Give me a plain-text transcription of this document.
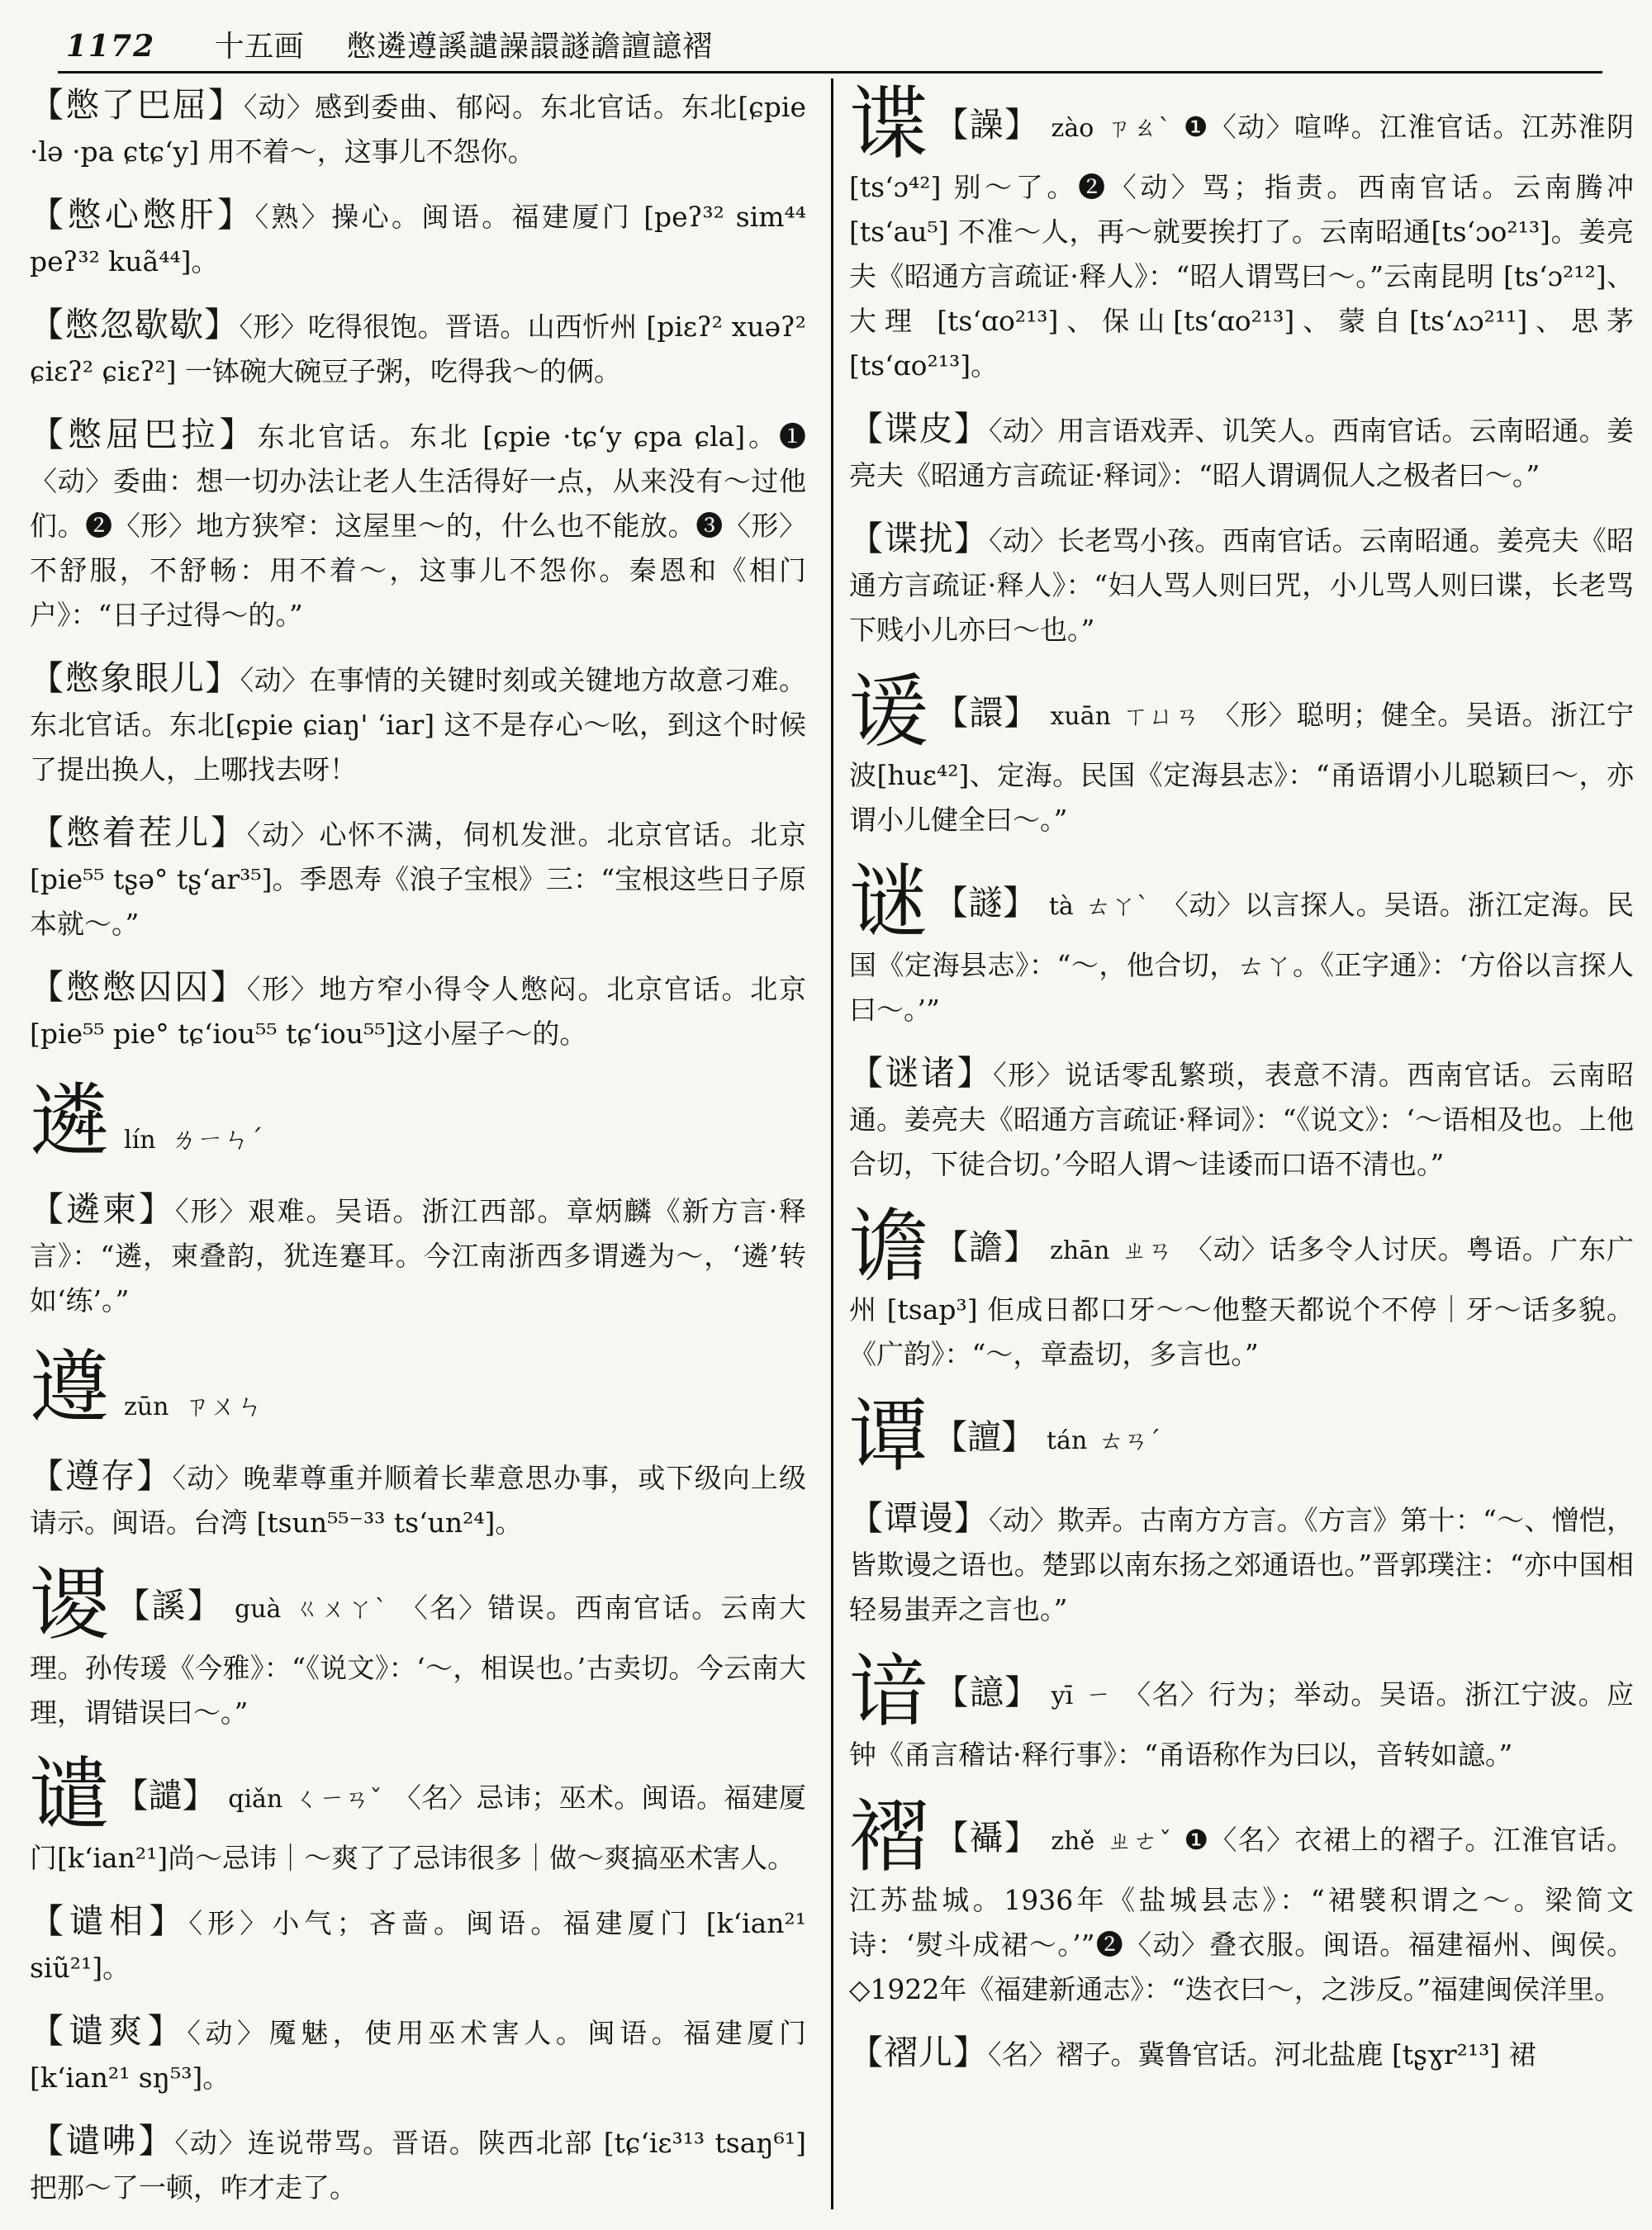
1172 十五画 憋遴遵謑譴譟譞譢譫譠譩褶
【憋了巴屈】〈动〉感到委曲、郁闷。东北官话。东北[ɕpie ·lə ·pa ɕtɕ‘y] 用不着～，这事儿不怨你。
【憋心憋肝】〈熟〉操心。闽语。福建厦门 [peʔ³² sim⁴⁴ peʔ³² kuã⁴⁴]。
【憋忽歇歇】〈形〉吃得很饱。晋语。山西忻州 [piɛʔ² xuəʔ² ɕiɛʔ² ɕiɛʔ²] 一钵碗大碗豆子粥，吃得我～的俩。
【憋屈巴拉】东北官话。东北 [ɕpie ·tɕ‘y ɕpa ɕla]。❶〈动〉委曲：想一切办法让老人生活得好一点，从来没有～过他们。❷〈形〉地方狭窄：这屋里～的，什么也不能放。❸〈形〉不舒服，不舒畅：用不着～，这事儿不怨你。秦恩和《相门户》：“日子过得～的。”
【憋象眼儿】〈动〉在事情的关键时刻或关键地方故意刁难。东北官话。东北[ɕpie ɕiaŋ' ‘iar] 这不是存心～吆，到这个时候了提出换人，上哪找去呀！
【憋着茬儿】〈动〉心怀不满，伺机发泄。北京官话。北京[pie⁵⁵ tʂə° tʂ‘ar³⁵]。季恩寿《浪子宝根》三：“宝根这些日子原本就～。”
【憋憋囚囚】〈形〉地方窄小得令人憋闷。北京官话。北京[pie⁵⁵ pie° tɕ‘iou⁵⁵ tɕ‘iou⁵⁵]这小屋子～的。
遴lín ㄌㄧㄣˊ
【遴柬】〈形〉艰难。吴语。浙江西部。章炳麟《新方言·释言》：“遴，柬叠韵，犹连蹇耳。今江南浙西多谓遴为～，‘遴’转如‘练’。”
遵zūn ㄗㄨㄣ
【遵存】〈动〉晚辈尊重并顺着长辈意思办事，或下级向上级请示。闽语。台湾 [tsun⁵⁵⁻³³ ts‘un²⁴]。
谡 【謑】 guà ㄍㄨㄚˋ 〈名〉错误。西南官话。云南大理。孙传瑗《今雅》：“《说文》：‘～，相误也。’古卖切。今云南大理，谓错误曰～。”
谴 【譴】 qiǎn ㄑㄧㄢˇ 〈名〉忌讳；巫术。闽语。福建厦门[k‘ian²¹]尚～忌讳｜～爽了了忌讳很多｜做～爽搞巫术害人。
【谴相】〈形〉小气；吝啬。闽语。福建厦门 [k‘ian²¹ siũ²¹]。
【谴爽】〈动〉魇魅，使用巫术害人。闽语。福建厦门 [k‘ian²¹ sŋ⁵³]。
【谴咈】〈动〉连说带骂。晋语。陕西北部 [tɕ‘iɛ³¹³ tsaŋ⁶¹] 把那～了一顿，咋才走了。
谍 【譟】 zào ㄗㄠˋ ❶〈动〉喧哗。江淮官话。江苏淮阴[ts‘ɔ⁴²] 别～了。❷〈动〉骂；指责。西南官话。云南腾冲[ts‘au⁵] 不准～人，再～就要挨打了。云南昭通[ts‘ɔo²¹³]。姜亮夫《昭通方言疏证·释人》：“昭人谓骂曰～。”云南昆明 [ts‘ɔ²¹²]、大理 [ts‘ɑo²¹³]、保山[ts‘ɑo²¹³]、蒙自[ts‘ʌɔ²¹¹]、思茅 [ts‘ɑo²¹³]。
【谍皮】〈动〉用言语戏弄、讥笑人。西南官话。云南昭通。姜亮夫《昭通方言疏证·释词》：“昭人谓调侃人之极者曰～。”
【谍扰】〈动〉长老骂小孩。西南官话。云南昭通。姜亮夫《昭通方言疏证·释人》：“妇人骂人则曰咒，小儿骂人则曰谍，长老骂下贱小儿亦曰～也。”
谖 【譞】 xuān ㄒㄩㄢ 〈形〉聪明；健全。吴语。浙江宁波[huɛ⁴²]、定海。民国《定海县志》：“甬语谓小儿聪颖曰～，亦谓小儿健全曰～。”
谜 【譢】 tà ㄊㄚˋ 〈动〉以言探人。吴语。浙江定海。民国《定海县志》：“～，他合切，ㄊㄚ。《正字通》：‘方俗以言探人曰～。’”
【谜诸】〈形〉说话零乱繁琐，表意不清。西南官话。云南昭通。姜亮夫《昭通方言疏证·释词》：“《说文》：‘～语相及也。上他合切，下徒合切。’今昭人谓～诖诿而口语不清也。”
谵 【譫】 zhān ㄓㄢ 〈动〉话多令人讨厌。粤语。广东广州 [tsap³] 佢成日都口牙～～他整天都说个不停｜牙～话多貌。《广韵》：“～，章盍切，多言也。”
谭 【譠】 tán ㄊㄢˊ
【谭谩】〈动〉欺弄。古南方方言。《方言》第十：“～、憎恺，皆欺谩之语也。楚郢以南东扬之郊通语也。”晋郭璞注：“亦中国相轻易蚩弄之言也。”
谙 【譩】 yī ㄧ 〈名〉行为；举动。吴语。浙江宁波。应钟《甬言稽诂·释行事》：“甬语称作为曰以，音转如譩。”
褶 【襵】 zhě ㄓㄜˇ ❶〈名〉衣裙上的褶子。江淮官话。江苏盐城。1936年《盐城县志》：“裙襞积谓之～。梁简文诗：‘熨斗成裙～。’”❷〈动〉叠衣服。闽语。福建福州、闽侯。◇1922年《福建新通志》：“迭衣曰～，之涉反。”福建闽侯洋里。
【褶儿】〈名〉褶子。冀鲁官话。河北盐鹿 [tʂɣr²¹³] 裙
